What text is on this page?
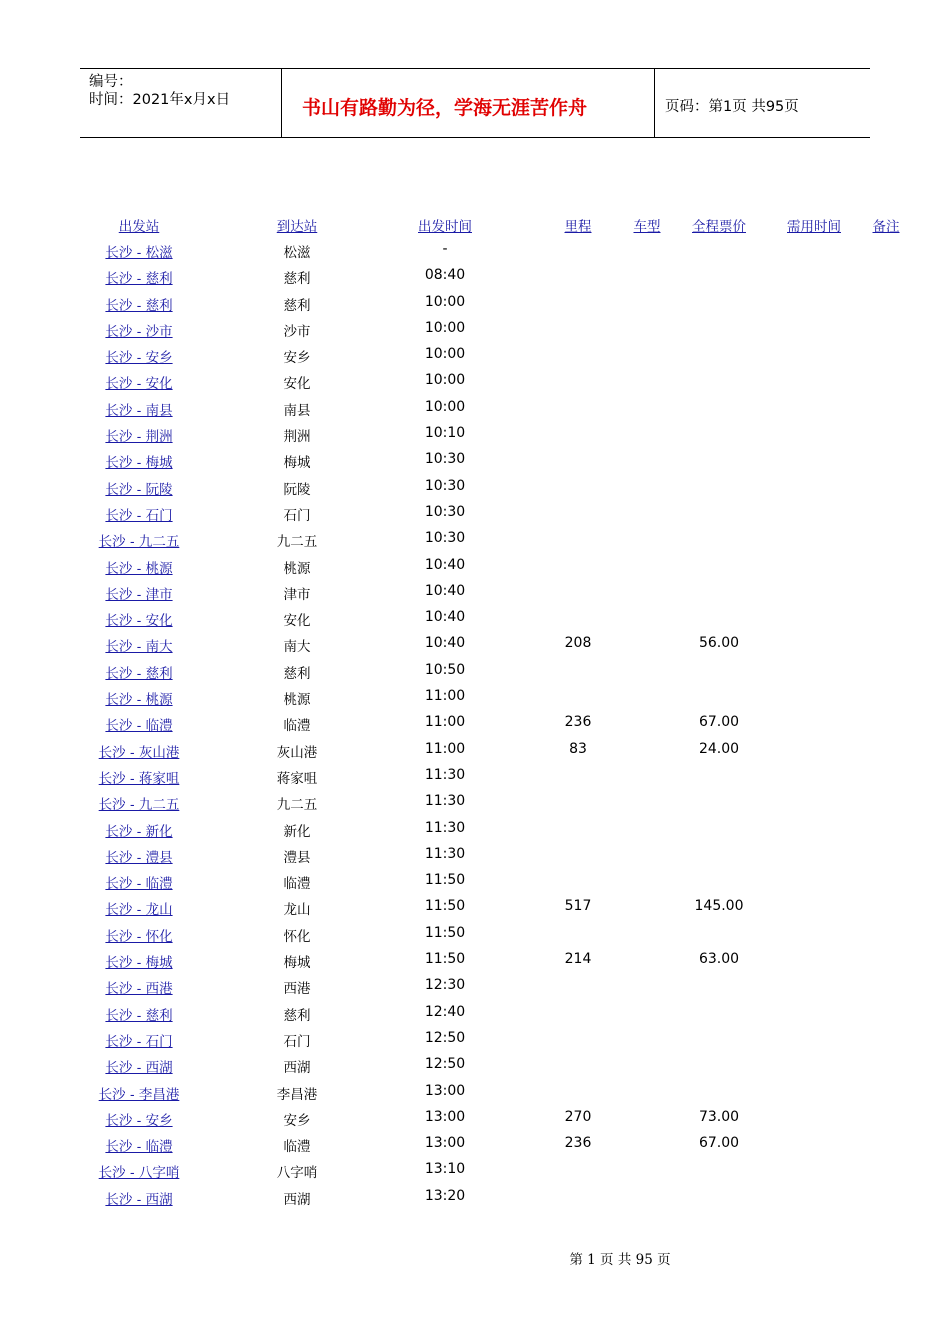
编号：
时间：2021年x月x日	书山有路勤为径，学海无涯苦作舟	页码：第1页 共95页
出发站	到达站	出发时间	里程	车型 全程票价	需用时间 备注
长沙 - 松滋	松滋	-
长沙 - 慈利	慈利	08:40
长沙 - 慈利	慈利	10:00
长沙 - 沙市	沙市	10:00
长沙 - 安乡	安乡	10:00
长沙 - 安化	安化	10:00
长沙 - 南县	南县	10:00
长沙 - 荆洲	荆洲	10:10
长沙 - 梅城	梅城	10:30
长沙 - 阮陵	阮陵	10:30
长沙 - 石门	石门	10:30
长沙 - 九二五	九二五	10:30
长沙 - 桃源	桃源	10:40
长沙 - 津市	津市	10:40
长沙 - 安化	安化	10:40
长沙 - 南大	南大	10:40	208	56.00
长沙 - 慈利	慈利	10:50
长沙 - 桃源	桃源	11:00
长沙 - 临澧	临澧	11:00	236	67.00
长沙 - 灰山港	灰山港	11:00	83	24.00
长沙 - 蒋家咀	蒋家咀	11:30
长沙 - 九二五	九二五	11:30
长沙 - 新化	新化	11:30
长沙 - 澧县	澧县	11:30
长沙 - 临澧	临澧	11:50
长沙 - 龙山	龙山	11:50	517	145.00
长沙 - 怀化	怀化	11:50
长沙 - 梅城	梅城	11:50	214	63.00
长沙 - 西港	西港	12:30
长沙 - 慈利	慈利	12:40
长沙 - 石门	石门	12:50
长沙 - 西湖	西湖	12:50
长沙 - 李昌港	李昌港	13:00
长沙 - 安乡	安乡	13:00	270	73.00
长沙 - 临澧	临澧	13:00	236	67.00
长沙 - 八字哨	八字哨	13:10
长沙 - 西湖	西湖	13:20
第 1 页 共 95 页
